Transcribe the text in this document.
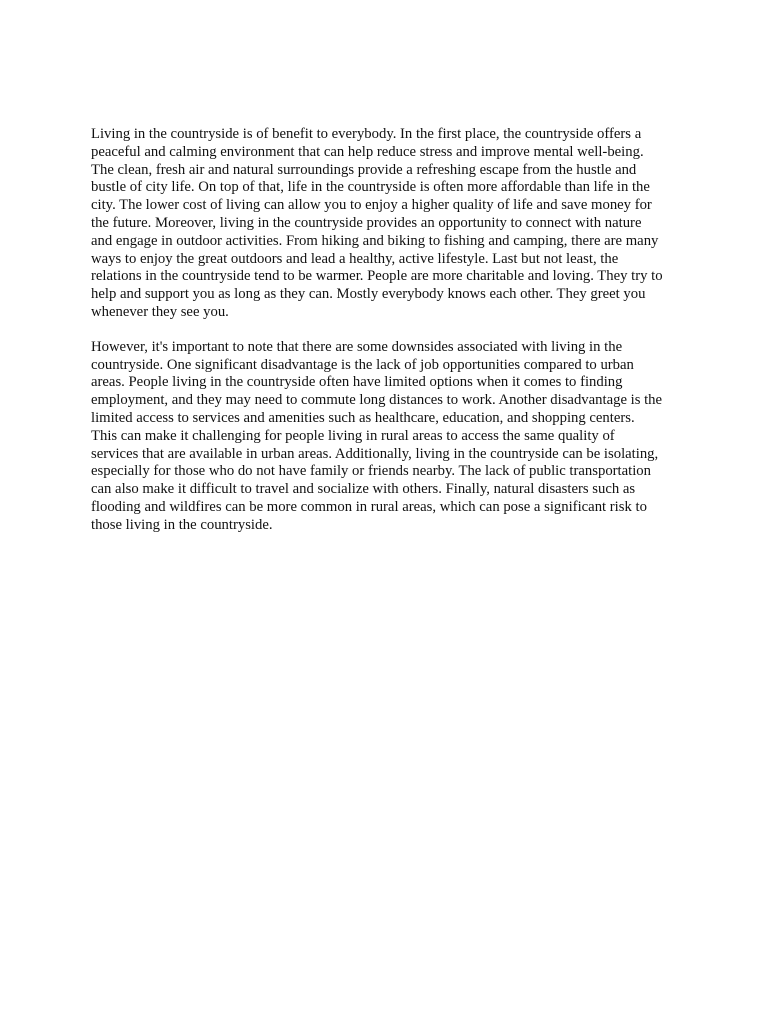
Living in the countryside is of benefit to everybody. In the first place, the countryside offers a
peaceful and calming environment that can help reduce stress and improve mental well-being.
The clean, fresh air and natural surroundings provide a refreshing escape from the hustle and
bustle of city life. On top of that, life in the countryside is often more affordable than life in the
city. The lower cost of living can allow you to enjoy a higher quality of life and save money for
the future. Moreover, living in the countryside provides an opportunity to connect with nature
and engage in outdoor activities. From hiking and biking to fishing and camping, there are many
ways to enjoy the great outdoors and lead a healthy, active lifestyle. Last but not least, the
relations in the countryside tend to be warmer. People are more charitable and loving. They try to
help and support you as long as they can. Mostly everybody knows each other. They greet you
whenever they see you.

However, it's important to note that there are some downsides associated with living in the
countryside. One significant disadvantage is the lack of job opportunities compared to urban
areas. People living in the countryside often have limited options when it comes to finding
employment, and they may need to commute long distances to work. Another disadvantage is the
limited access to services and amenities such as healthcare, education, and shopping centers.
This can make it challenging for people living in rural areas to access the same quality of
services that are available in urban areas. Additionally, living in the countryside can be isolating,
especially for those who do not have family or friends nearby. The lack of public transportation
can also make it difficult to travel and socialize with others. Finally, natural disasters such as
flooding and wildfires can be more common in rural areas, which can pose a significant risk to
those living in the countryside.
